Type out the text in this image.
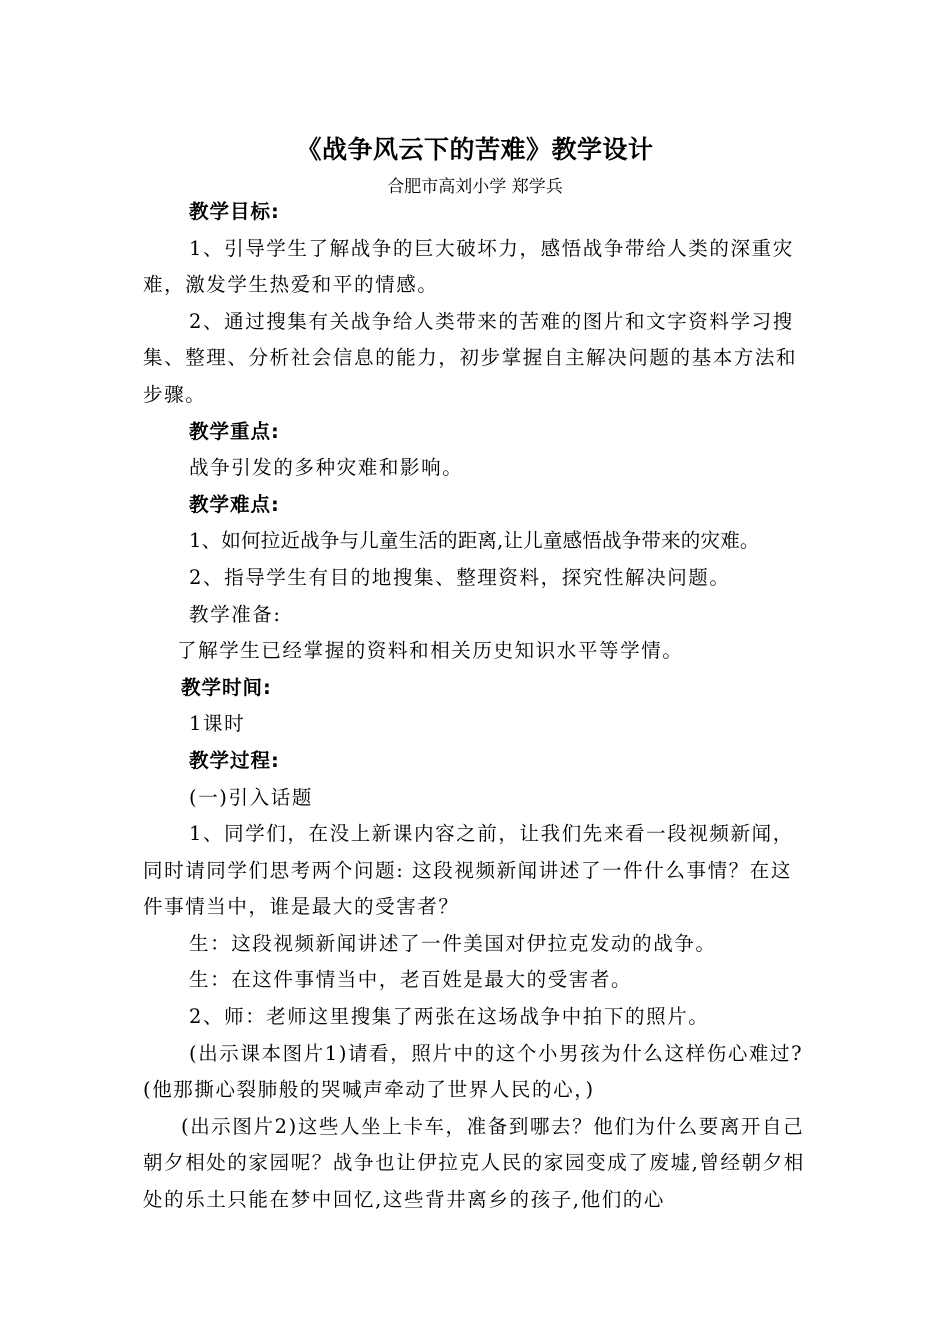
《战争风云下的苦难》教学设计
合肥市高刘小学 郑学兵

教学目标:

1、引导学生了解战争的巨大破坏力，感悟战争带给人类的深重灾难，激发学生热爱和平的情感。

2、通过搜集有关战争给人类带来的苦难的图片和文字资料学习搜集、整理、分析社会信息的能力，初步掌握自主解决问题的基本方法和步骤。

教学重点:

战争引发的多种灾难和影响。

教学难点:

1、如何拉近战争与儿童生活的距离,让儿童感悟战争带来的灾难。

2、指导学生有目的地搜集、整理资料，探究性解决问题。

教学准备:

了解学生已经掌握的资料和相关历史知识水平等学情。

教学时间:

1课时

教学过程:

(一)引入话题

1、同学们，在没上新课内容之前，让我们先来看一段视频新闻，同时请同学们思考两个问题: 这段视频新闻讲述了一件什么事情？在这件事情当中，谁是最大的受害者？

生：这段视频新闻讲述了一件美国对伊拉克发动的战争。

生：在这件事情当中，老百姓是最大的受害者。

2、师：老师这里搜集了两张在这场战争中拍下的照片。

(出示课本图片1)请看，照片中的这个小男孩为什么这样伤心难过?(他那撕心裂肺般的哭喊声牵动了世界人民的心，)

(出示图片2)这些人坐上卡车，准备到哪去？他们为什么要离开自己朝夕相处的家园呢？战争也让伊拉克人民的家园变成了废墟,曾经朝夕相处的乐土只能在梦中回忆,这些背井离乡的孩子,他们的心
